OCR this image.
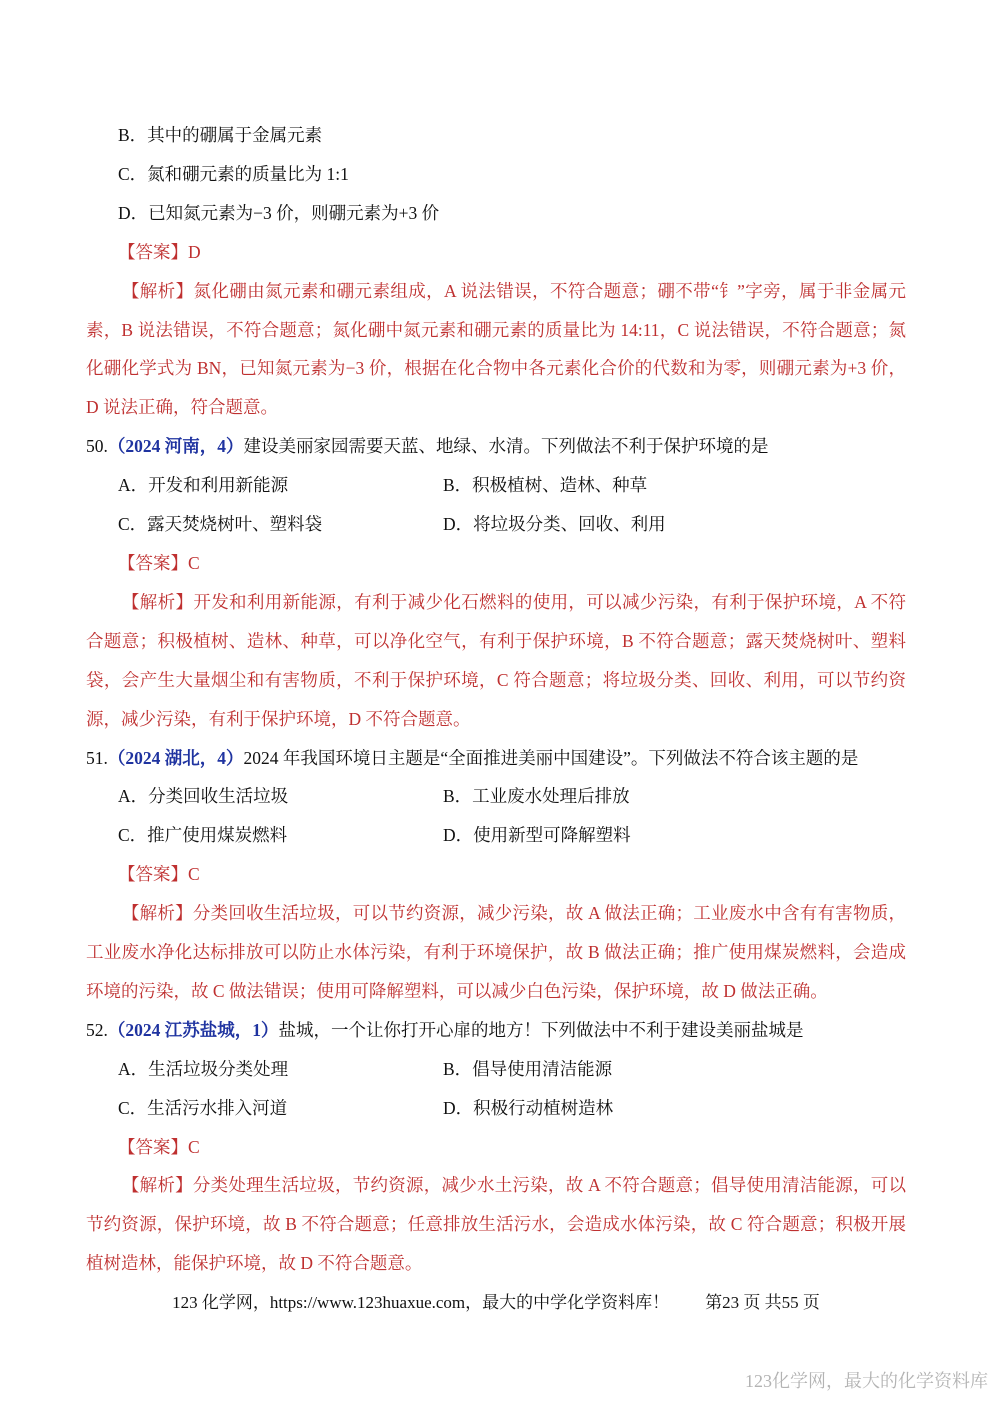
B．其中的硼属于金属元素
C．氮和硼元素的质量比为 1:1
D．已知氮元素为−3 价，则硼元素为+3 价
【答案】D

【解析】氮化硼由氮元素和硼元素组成，A 说法错误，不符合题意；硼不带“钅”字旁，属于非金属元素，B 说法错误，不符合题意；氮化硼中氮元素和硼元素的质量比为 14:11，C 说法错误，不符合题意；氮化硼化学式为 BN，已知氮元素为−3 价，根据在化合物中各元素化合价的代数和为零，则硼元素为+3 价，D 说法正确，符合题意。

50.（2024 河南，4）建设美丽家园需要天蓝、地绿、水清。下列做法不利于保护环境的是

A．开发和利用新能源	B．积极植树、造林、种草
C．露天焚烧树叶、塑料袋	D．将垃圾分类、回收、利用
【答案】C

【解析】开发和利用新能源，有利于减少化石燃料的使用，可以减少污染，有利于保护环境，A 不符合题意；积极植树、造林、种草，可以净化空气，有利于保护环境，B 不符合题意；露天焚烧树叶、塑料袋，会产生大量烟尘和有害物质，不利于保护环境，C 符合题意；将垃圾分类、回收、利用，可以节约资源，减少污染，有利于保护环境，D 不符合题意。

51.（2024 湖北，4）2024 年我国环境日主题是“全面推进美丽中国建设”。下列做法不符合该主题的是

A．分类回收生活垃圾	B．工业废水处理后排放
C．推广使用煤炭燃料	D．使用新型可降解塑料
【答案】C

【解析】分类回收生活垃圾，可以节约资源，减少污染，故 A 做法正确；工业废水中含有有害物质，工业废水净化达标排放可以防止水体污染，有利于环境保护，故 B 做法正确；推广使用煤炭燃料，会造成环境的污染，故 C 做法错误；使用可降解塑料，可以减少白色污染，保护环境，故 D 做法正确。

52.（2024 江苏盐城，1）盐城，一个让你打开心扉的地方！下列做法中不利于建设美丽盐城是

A．生活垃圾分类处理	B．倡导使用清洁能源
C．生活污水排入河道	D．积极行动植树造林
【答案】C

【解析】分类处理生活垃圾，节约资源，减少水土污染，故 A 不符合题意；倡导使用清洁能源，可以节约资源，保护环境，故 B 不符合题意；任意排放生活污水，会造成水体污染，故 C 符合题意；积极开展植树造林，能保护环境，故 D 不符合题意。

123 化学网，https://www.123huaxue.com，最大的中学化学资料库！ 第23 页 共55 页
123化学网，最大的化学资料库
